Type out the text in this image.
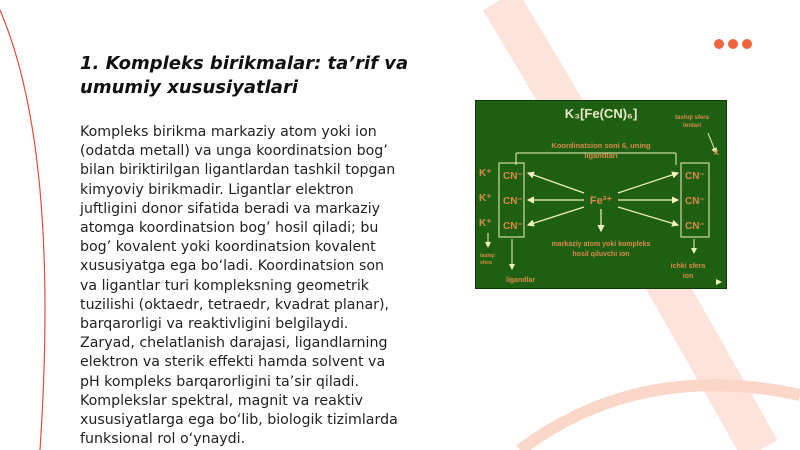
1. Kompleks birikmalar: ta’rif va umumiy xususiyatlari
Kompleks birikma markaziy atom yoki ion
(odatda metall) va unga koordinatsion bog’
bilan biriktirilgan ligantlardan tashkil topgan
kimyoviy birikmadir. Ligantlar elektron
juftligini donor sifatida beradi va markaziy
atomga koordinatsion bog’ hosil qiladi; bu
bog’ kovalent yoki koordinatsion kovalent
xususiyatga ega bo‘ladi. Koordinatsion son
va ligantlar turi kompleksning geometrik
tuzilishi (oktaedr, tetraedr, kvadrat planar),
barqarorligi va reaktivligini belgilaydi.
Zaryad, chelatlanish darajasi, ligandlarning
elektron va sterik effekti hamda solvent va
pH kompleks barqarorligini ta’sir qiladi.
Komplekslar spektral, magnit va reaktiv
xususiyatlarga ega bo‘lib, biologik tizimlarda
funksional rol o‘ynaydi.
K₃[Fe(CN)₆]	tashqi sfera
ionlari
K
Koordinatsion soni 6, uning
ligandlari
K⁺
K⁺
K⁺
CN⁻
CN⁻
CN⁻
CN⁻
CN⁻
CN⁻
Fe³⁺
markaziy atom yoki kompleks
hosil qiluvchi ion
tashqi
sfera
ligandlar
ichki sfera
ion
